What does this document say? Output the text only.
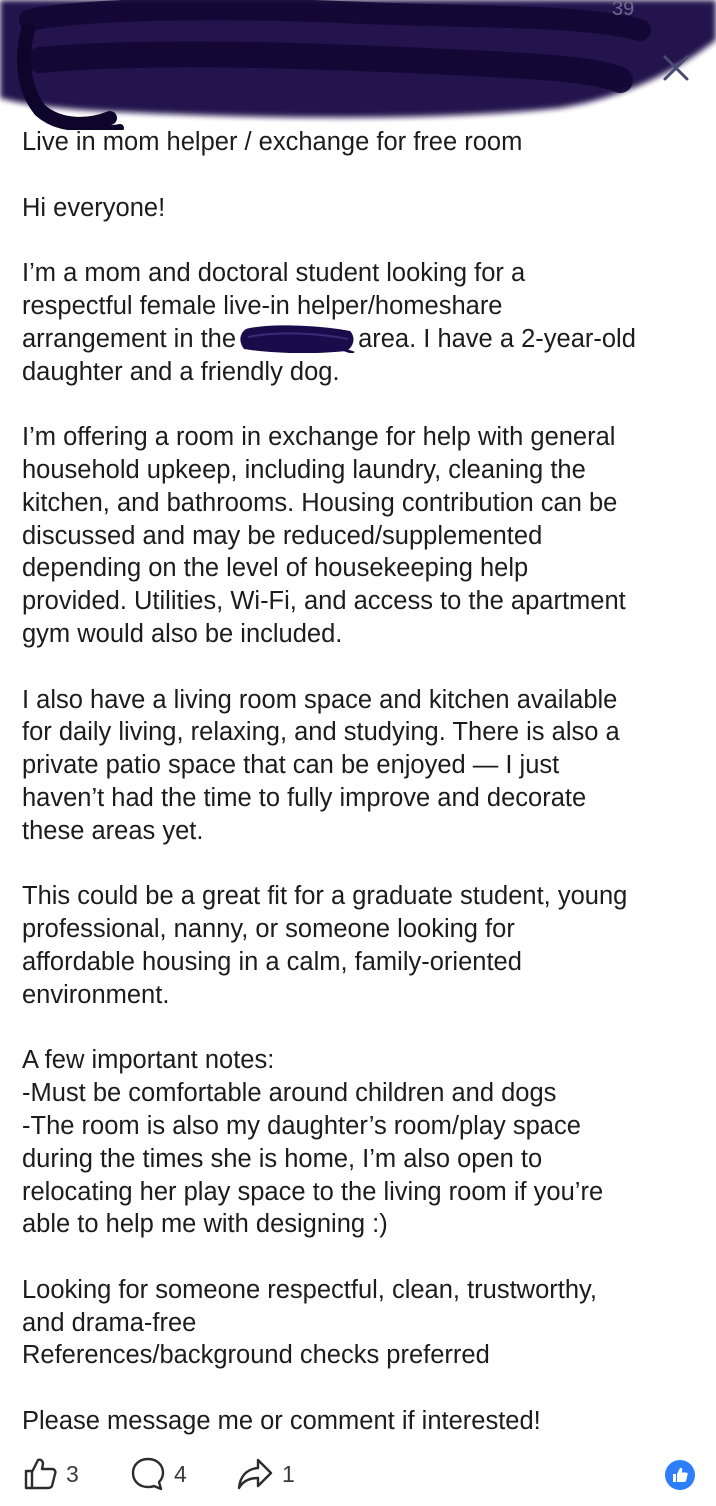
39

Live in mom helper / exchange for free room

Hi everyone!

I’m a mom and doctoral student looking for a
respectful female live-in helper/homeshare
arrangement in the	area. I have a 2-year-old
daughter and a friendly dog.

I’m offering a room in exchange for help with general
household upkeep, including laundry, cleaning the
kitchen, and bathrooms. Housing contribution can be
discussed and may be reduced/supplemented
depending on the level of housekeeping help
provided. Utilities, Wi-Fi, and access to the apartment
gym would also be included.

I also have a living room space and kitchen available
for daily living, relaxing, and studying. There is also a
private patio space that can be enjoyed — I just
haven’t had the time to fully improve and decorate
these areas yet.

This could be a great fit for a graduate student, young
professional, nanny, or someone looking for
affordable housing in a calm, family-oriented
environment.

A few important notes:
-Must be comfortable around children and dogs
-The room is also my daughter’s room/play space
during the times she is home, I’m also open to
relocating her play space to the living room if you’re
able to help me with designing :)

Looking for someone respectful, clean, trustworthy,
and drama-free
References/background checks preferred

Please message me or comment if interested!

3	4	1
